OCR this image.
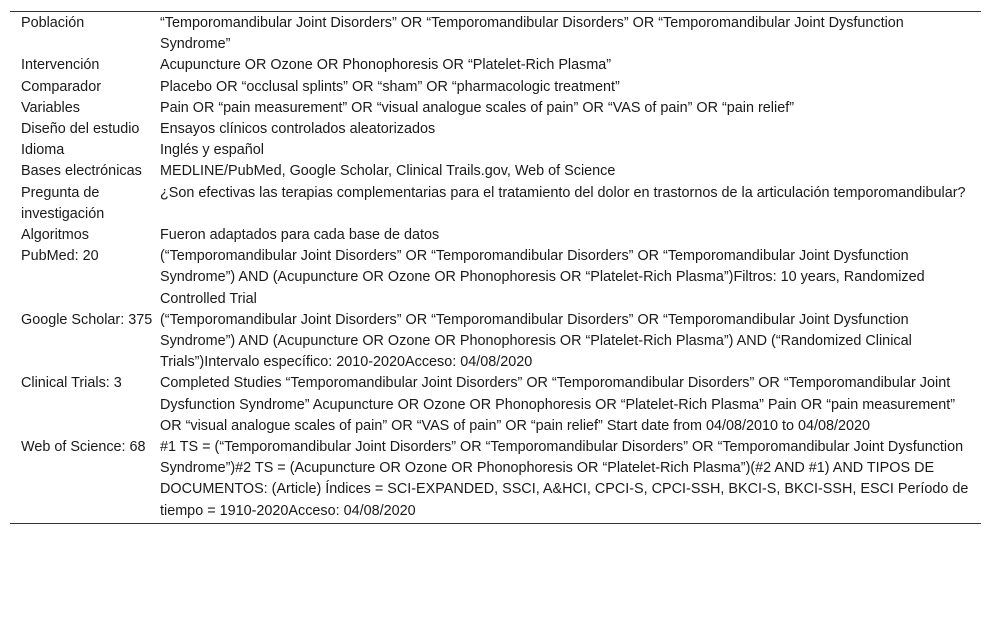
Población	“Temporomandibular Joint Disorders” OR “Temporomandibular Disorders” OR “Temporomandibular Joint Dysfunction Syndrome”
Intervención	Acupuncture OR Ozone OR Phonophoresis OR “Platelet-Rich Plasma”
Comparador	Placebo OR “occlusal splints” OR “sham” OR “pharmacologic treatment”
Variables	Pain OR “pain measurement” OR “visual analogue scales of pain” OR “VAS of pain” OR “pain relief”
Diseño del estudio	Ensayos clínicos controlados aleatorizados
Idioma	Inglés y español
Bases electrónicas	MEDLINE/PubMed, Google Scholar, Clinical Trails.gov, Web of Science
Pregunta de investigación	¿Son efectivas las terapias complementarias para el tratamiento del dolor en trastornos de la articulación temporomandibular?
Algoritmos	Fueron adaptados para cada base de datos
PubMed: 20	(“Temporomandibular Joint Disorders” OR “Temporomandibular Disorders” OR “Temporomandibular Joint Dysfunction Syndrome”) AND (Acupuncture OR Ozone OR Phonophoresis OR “Platelet-Rich Plasma”)Filtros: 10 years, Randomized Controlled Trial
Google Scholar: 375	(“Temporomandibular Joint Disorders” OR “Temporomandibular Disorders” OR “Temporomandibular Joint Dysfunction Syndrome”) AND (Acupuncture OR Ozone OR Phonophoresis OR “Platelet-Rich Plasma”) AND (“Randomized Clinical Trials”)Intervalo específico: 2010-2020Acceso: 04/08/2020
Clinical Trials: 3	Completed Studies “Temporomandibular Joint Disorders” OR “Temporomandibular Disorders” OR “Temporomandibular Joint Dysfunction Syndrome” Acupuncture OR Ozone OR Phonophoresis OR “Platelet-Rich Plasma” Pain OR “pain measurement” OR “visual analogue scales of pain” OR “VAS of pain” OR “pain relief” Start date from 04/08/2010 to 04/08/2020
Web of Science: 68	#1 TS = (“Temporomandibular Joint Disorders” OR “Temporomandibular Disorders” OR “Temporomandibular Joint Dysfunction Syndrome”)#2 TS = (Acupuncture OR Ozone OR Phonophoresis OR “Platelet-Rich Plasma”)(#2 AND #1) AND TIPOS DE DOCUMENTOS: (Article) Índices = SCI-EXPANDED, SSCI, A&HCI, CPCI-S, CPCI-SSH, BKCI-S, BKCI-SSH, ESCI Período de tiempo = 1910-2020Acceso: 04/08/2020
